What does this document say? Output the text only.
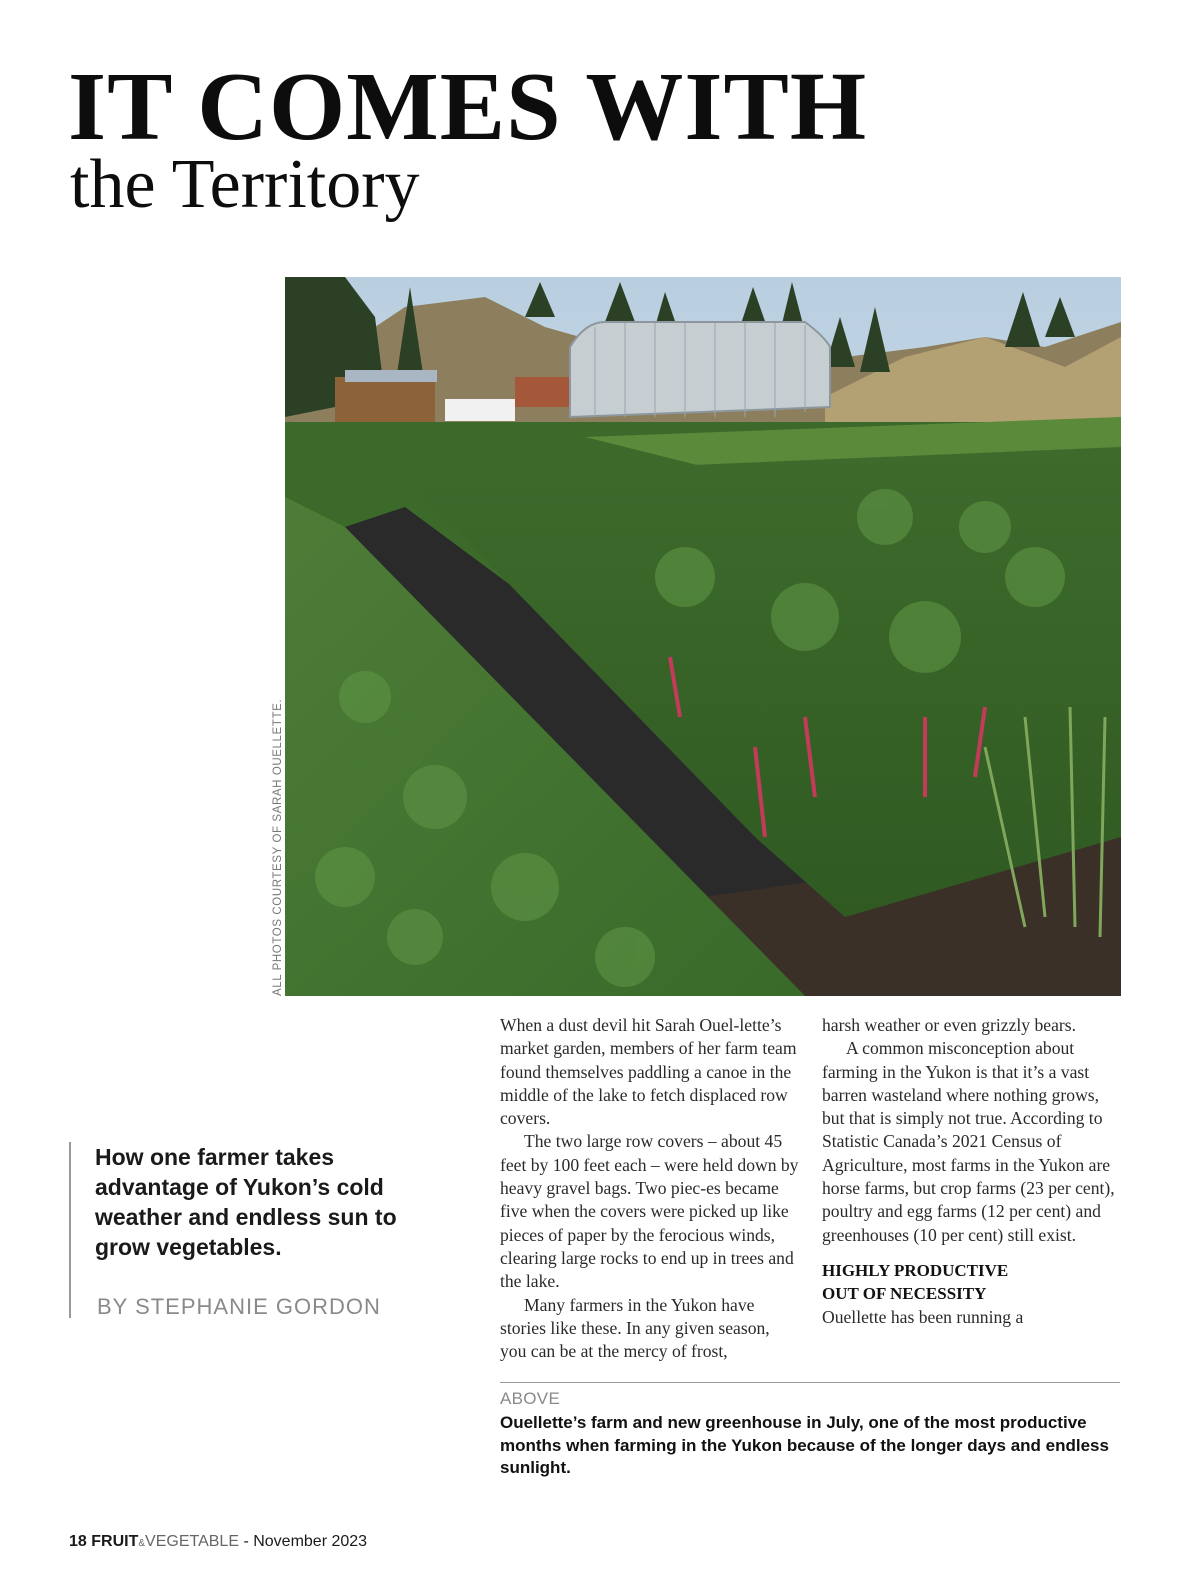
IT COMES WITH
the Territory
ALL PHOTOS COURTESY OF SARAH OUELLETTE.

How one farmer takes advantage of Yukon’s cold weather and endless sun to grow vegetables.

BY STEPHANIE GORDON

When a dust devil hit Sarah Ouel-lette’s market garden, members of her farm team found themselves paddling a canoe in the middle of the lake to fetch displaced row covers.

The two large row covers – about 45 feet by 100 feet each – were held down by heavy gravel bags. Two piec-es became five when the covers were picked up like pieces of paper by the ferocious winds, clearing large rocks to end up in trees and the lake.

Many farmers in the Yukon have stories like these. In any given season, you can be at the mercy of frost,

harsh weather or even grizzly bears.

A common misconception about farming in the Yukon is that it’s a vast barren wasteland where nothing grows, but that is simply not true. According to Statistic Canada’s 2021 Census of Agriculture, most farms in the Yukon are horse farms, but crop farms (23 per cent), poultry and egg farms (12 per cent) and greenhouses (10 per cent) still exist.

HIGHLY PRODUCTIVE
OUT OF NECESSITY

Ouellette has been running a

ABOVE

Ouellette’s farm and new greenhouse in July, one of the most productive months when farming in the Yukon because of the longer days and endless sunlight.

18 FRUIT&VEGETABLE - November 2023
